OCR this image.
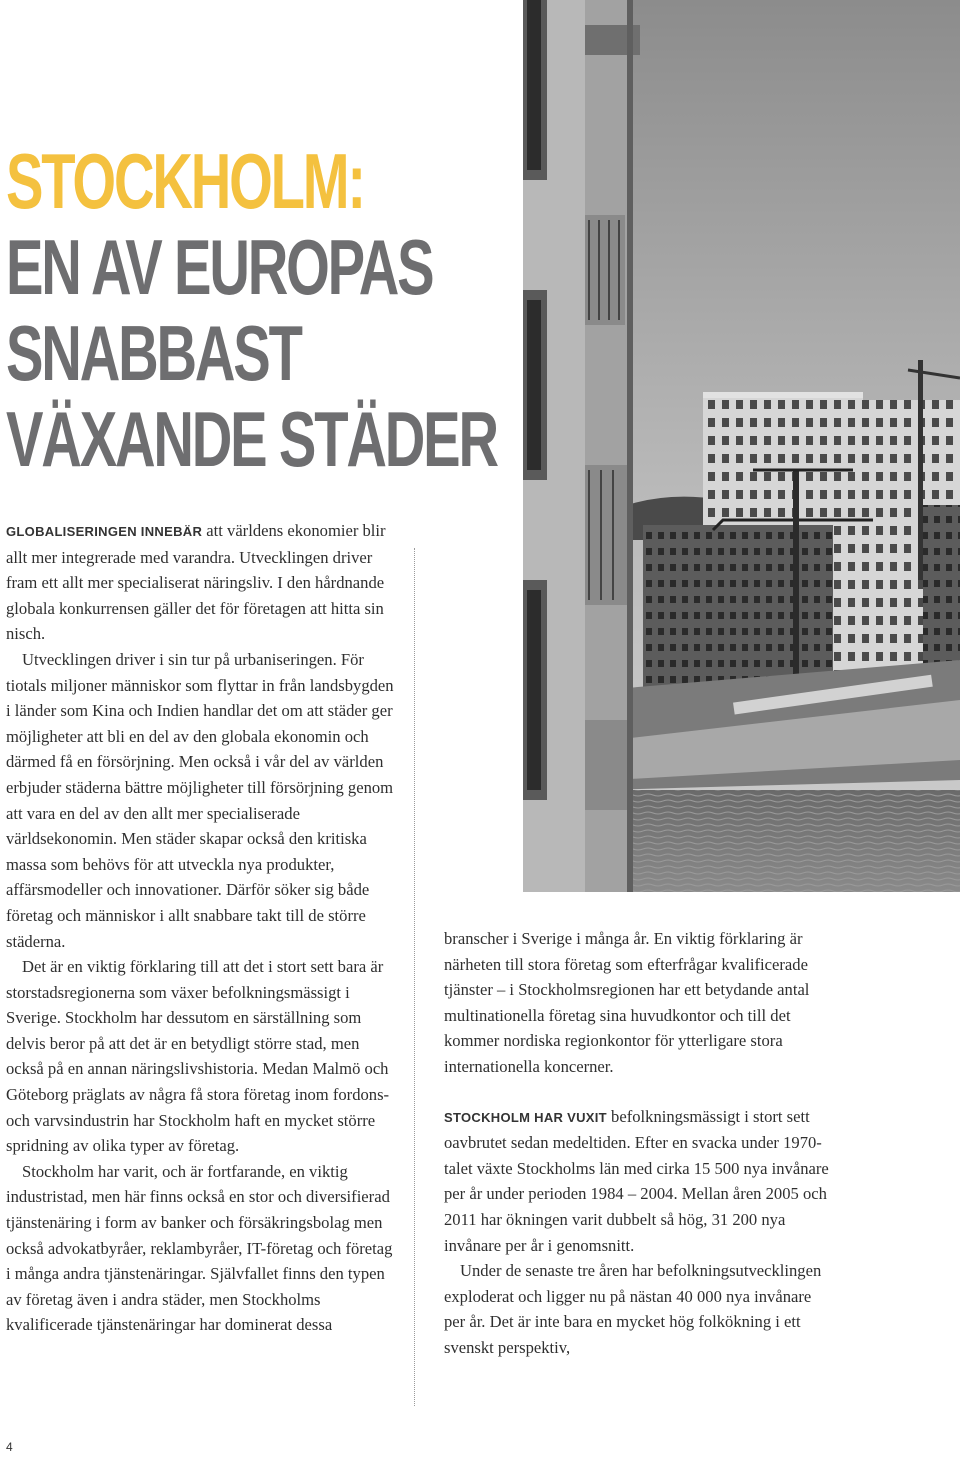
STOCKHOLM:
EN AV EUROPAS
SNABBAST
VÄXANDE STÄDER

GLOBALISERINGEN INNEBÄR att världens ekonomier blir allt mer integrerade med varandra. Utvecklingen driver fram ett allt mer specialiserat näringsliv. I den hårdnande globala konkurrensen gäller det för företagen att hitta sin nisch.

Utvecklingen driver i sin tur på urbaniseringen. För tiotals miljoner människor som flyttar in från landsbygden i länder som Kina och Indien handlar det om att städer ger möjligheter att bli en del av den globala ekonomin och därmed få en försörjning. Men också i vår del av världen erbjuder städerna bättre möjligheter till försörjning genom att vara en del av den allt mer specialiserade världsekonomin. Men städer skapar också den kritiska massa som behövs för att utveckla nya produkter, affärsmodeller och innovationer. Därför söker sig både företag och människor i allt snabbare takt till de större städerna.

Det är en viktig förklaring till att det i stort sett bara är storstadsregionerna som växer befolkningsmässigt i Sverige. Stockholm har dessutom en särställning som delvis beror på att det är en betydligt större stad, men också på en annan näringslivshistoria. Medan Malmö och Göteborg präglats av några få stora företag inom fordons- och varvsindustrin har Stockholm haft en mycket större spridning av olika typer av företag.

Stockholm har varit, och är fortfarande, en viktig industristad, men här finns också en stor och diversifierad tjänstenäring i form av banker och försäkringsbolag men också advokatbyråer, reklambyråer, IT-företag och företag i många andra tjänstenäringar. Självfallet finns den typen av företag även i andra städer, men Stockholms kvalificerade tjänstenäringar har dominerat dessa

branscher i Sverige i många år. En viktig förklaring är närheten till stora företag som efterfrågar kvalificerade tjänster – i Stockholmsregionen har ett betydande antal multinationella företag sina huvudkontor och till det kommer nordiska regionkontor för ytterligare stora internationella koncerner.

STOCKHOLM HAR VUXIT befolkningsmässigt i stort sett oavbrutet sedan medeltiden. Efter en svacka under 1970-talet växte Stockholms län med cirka 15 500 nya invånare per år under perioden 1984 – 2004. Mellan åren 2005 och 2011 har ökningen varit dubbelt så hög, 31 200 nya invånare per år i genomsnitt.

Under de senaste tre åren har befolkningsutvecklingen exploderat och ligger nu på nästan 40 000 nya invånare per år. Det är inte bara en mycket hög folkökning i ett svenskt perspektiv,

4
